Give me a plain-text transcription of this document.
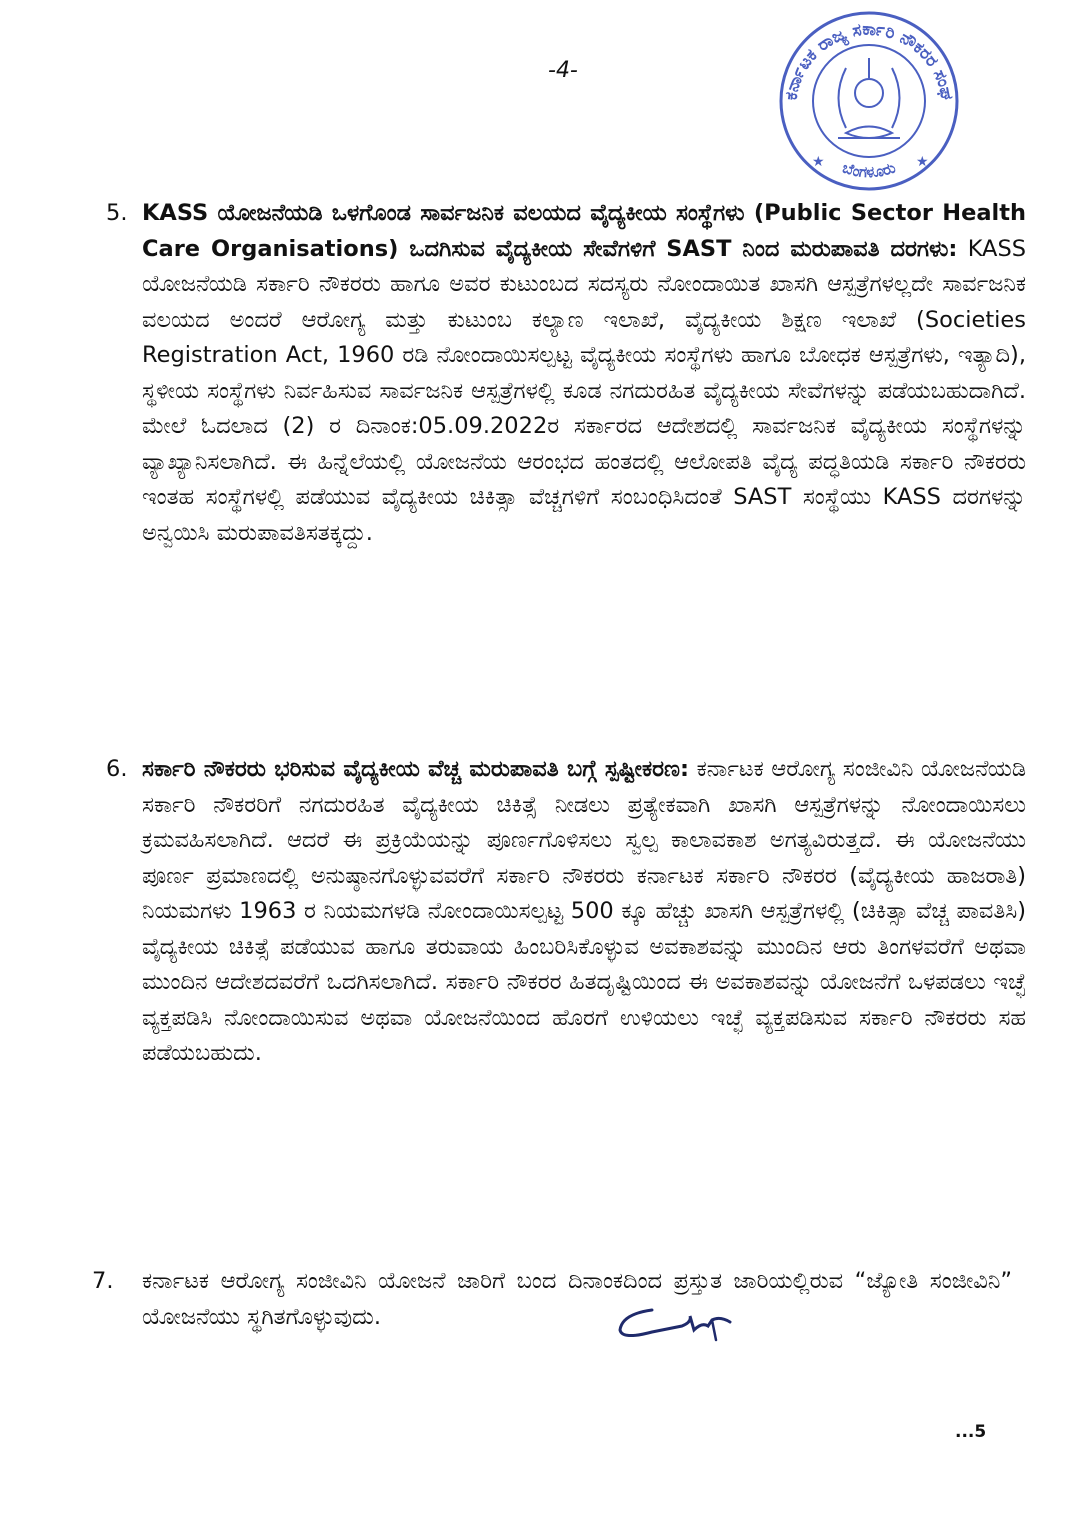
-4-
ಕರ್ನಾಟಕ ರಾಜ್ಯ ಸರ್ಕಾರಿ ನೌಕರರ ಸಂಘ
ಬೆಂಗಳೂರು
★	★
5. KASS ಯೋಜನೆಯಡಿ ಒಳಗೊಂಡ ಸಾರ್ವಜನಿಕ ವಲಯದ ವೈದ್ಯಕೀಯ ಸಂಸ್ಥೆಗಳು (Public Sector Health Care Organisations) ಒದಗಿಸುವ ವೈದ್ಯಕೀಯ ಸೇವೆಗಳಿಗೆ SAST ನಿಂದ ಮರುಪಾವತಿ ದರಗಳು: KASS ಯೋಜನೆಯಡಿ ಸರ್ಕಾರಿ ನೌಕರರು ಹಾಗೂ ಅವರ ಕುಟುಂಬದ ಸದಸ್ಯರು ನೋಂದಾಯಿತ ಖಾಸಗಿ ಆಸ್ಪತ್ರೆಗಳಲ್ಲದೇ ಸಾರ್ವಜನಿಕ ವಲಯದ ಅಂದರೆ ಆರೋಗ್ಯ ಮತ್ತು ಕುಟುಂಬ ಕಲ್ಯಾಣ ಇಲಾಖೆ, ವೈದ್ಯಕೀಯ ಶಿಕ್ಷಣ ಇಲಾಖೆ (Societies Registration Act, 1960 ರಡಿ ನೋಂದಾಯಿಸಲ್ಪಟ್ಟ ವೈದ್ಯಕೀಯ ಸಂಸ್ಥೆಗಳು ಹಾಗೂ ಬೋಧಕ ಆಸ್ಪತ್ರೆಗಳು, ಇತ್ಯಾದಿ), ಸ್ಥಳೀಯ ಸಂಸ್ಥೆಗಳು ನಿರ್ವಹಿಸುವ ಸಾರ್ವಜನಿಕ ಆಸ್ಪತ್ರೆಗಳಲ್ಲಿ ಕೂಡ ನಗದುರಹಿತ ವೈದ್ಯಕೀಯ ಸೇವೆಗಳನ್ನು ಪಡೆಯಬಹುದಾಗಿದೆ. ಮೇಲೆ ಓದಲಾದ (2) ರ ದಿನಾಂಕ:05.09.2022ರ ಸರ್ಕಾರದ ಆದೇಶದಲ್ಲಿ ಸಾರ್ವಜನಿಕ ವೈದ್ಯಕೀಯ ಸಂಸ್ಥೆಗಳನ್ನು ವ್ಯಾಖ್ಯಾನಿಸಲಾಗಿದೆ. ಈ ಹಿನ್ನೆಲೆಯಲ್ಲಿ ಯೋಜನೆಯ ಆರಂಭದ ಹಂತದಲ್ಲಿ ಆಲೋಪತಿ ವೈದ್ಯ ಪದ್ಧತಿಯಡಿ ಸರ್ಕಾರಿ ನೌಕರರು ಇಂತಹ ಸಂಸ್ಥೆಗಳಲ್ಲಿ ಪಡೆಯುವ ವೈದ್ಯಕೀಯ ಚಿಕಿತ್ಸಾ ವೆಚ್ಚಗಳಿಗೆ ಸಂಬಂಧಿಸಿದಂತೆ SAST ಸಂಸ್ಥೆಯು KASS ದರಗಳನ್ನು ಅನ್ವಯಿಸಿ ಮರುಪಾವತಿಸತಕ್ಕದ್ದು.
6. ಸರ್ಕಾರಿ ನೌಕರರು ಭರಿಸುವ ವೈದ್ಯಕೀಯ ವೆಚ್ಚ ಮರುಪಾವತಿ ಬಗ್ಗೆ ಸ್ಪಷ್ಟೀಕರಣ: ಕರ್ನಾಟಕ ಆರೋಗ್ಯ ಸಂಜೀವಿನಿ ಯೋಜನೆಯಡಿ ಸರ್ಕಾರಿ ನೌಕರರಿಗೆ ನಗದುರಹಿತ ವೈದ್ಯಕೀಯ ಚಿಕಿತ್ಸೆ ನೀಡಲು ಪ್ರತ್ಯೇಕವಾಗಿ ಖಾಸಗಿ ಆಸ್ಪತ್ರೆಗಳನ್ನು ನೋಂದಾಯಿಸಲು ಕ್ರಮವಹಿಸಲಾಗಿದೆ. ಆದರೆ ಈ ಪ್ರಕ್ರಿಯೆಯನ್ನು ಪೂರ್ಣಗೊಳಿಸಲು ಸ್ವಲ್ಪ ಕಾಲಾವಕಾಶ ಅಗತ್ಯವಿರುತ್ತದೆ. ಈ ಯೋಜನೆಯು ಪೂರ್ಣ ಪ್ರಮಾಣದಲ್ಲಿ ಅನುಷ್ಠಾನಗೊಳ್ಳುವವರೆಗೆ ಸರ್ಕಾರಿ ನೌಕರರು ಕರ್ನಾಟಕ ಸರ್ಕಾರಿ ನೌಕರರ (ವೈದ್ಯಕೀಯ ಹಾಜರಾತಿ) ನಿಯಮಗಳು 1963 ರ ನಿಯಮಗಳಡಿ ನೋಂದಾಯಿಸಲ್ಪಟ್ಟ 500 ಕ್ಕೂ ಹೆಚ್ಚು ಖಾಸಗಿ ಆಸ್ಪತ್ರೆಗಳಲ್ಲಿ (ಚಿಕಿತ್ಸಾ ವೆಚ್ಚ ಪಾವತಿಸಿ) ವೈದ್ಯಕೀಯ ಚಿಕಿತ್ಸೆ ಪಡೆಯುವ ಹಾಗೂ ತರುವಾಯ ಹಿಂಬರಿಸಿಕೊಳ್ಳುವ ಅವಕಾಶವನ್ನು ಮುಂದಿನ ಆರು ತಿಂಗಳವರೆಗೆ ಅಥವಾ ಮುಂದಿನ ಆದೇಶದವರೆಗೆ ಒದಗಿಸಲಾಗಿದೆ. ಸರ್ಕಾರಿ ನೌಕರರ ಹಿತದೃಷ್ಟಿಯಿಂದ ಈ ಅವಕಾಶವನ್ನು ಯೋಜನೆಗೆ ಒಳಪಡಲು ಇಚ್ಛೆ ವ್ಯಕ್ತಪಡಿಸಿ ನೋಂದಾಯಿಸುವ ಅಥವಾ ಯೋಜನೆಯಿಂದ ಹೊರಗೆ ಉಳಿಯಲು ಇಚ್ಛೆ ವ್ಯಕ್ತಪಡಿಸುವ ಸರ್ಕಾರಿ ನೌಕರರು ಸಹ ಪಡೆಯಬಹುದು.
7.	ಕರ್ನಾಟಕ ಆರೋಗ್ಯ ಸಂಜೀವಿನಿ ಯೋಜನೆ ಜಾರಿಗೆ ಬಂದ ದಿನಾಂಕದಿಂದ ಪ್ರಸ್ತುತ ಜಾರಿಯಲ್ಲಿರುವ “ಜ್ಯೋತಿ ಸಂಜೀವಿನಿ” ಯೋಜನೆಯು ಸ್ಥಗಿತಗೊಳ್ಳುವುದು.
...5
